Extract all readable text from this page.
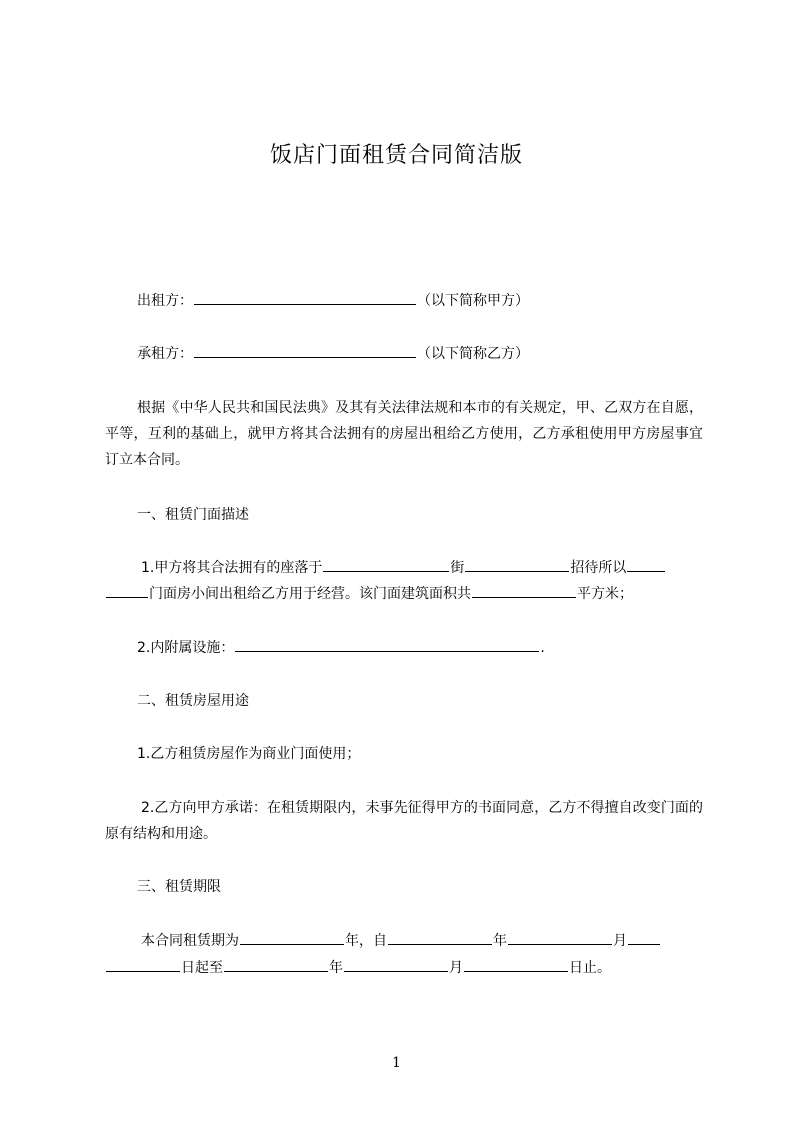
饭店门面租赁合同简洁版
出租方：	（以下简称甲方）
承租方：	（以下简称乙方）
根据《中华人民共和国民法典》及其有关法律法规和本市的有关规定，甲、乙双方在自愿，平等，互利的基础上，就甲方将其合法拥有的房屋出租给乙方使用，乙方承租使用甲方房屋事宜订立本合同。
一、租赁门面描述
1.甲方将其合法拥有的座落于	街	招待所以
门面房小间出租给乙方用于经营。该门面建筑面积共	平方米；
2.内附属设施：	.
二、租赁房屋用途
1.乙方租赁房屋作为商业门面使用；
2.乙方向甲方承诺：在租赁期限内，未事先征得甲方的书面同意，乙方不得擅自改变门面的原有结构和用途。
三、租赁期限
本合同租赁期为	年，自	年	月
日起至	年	月	日止。
1
